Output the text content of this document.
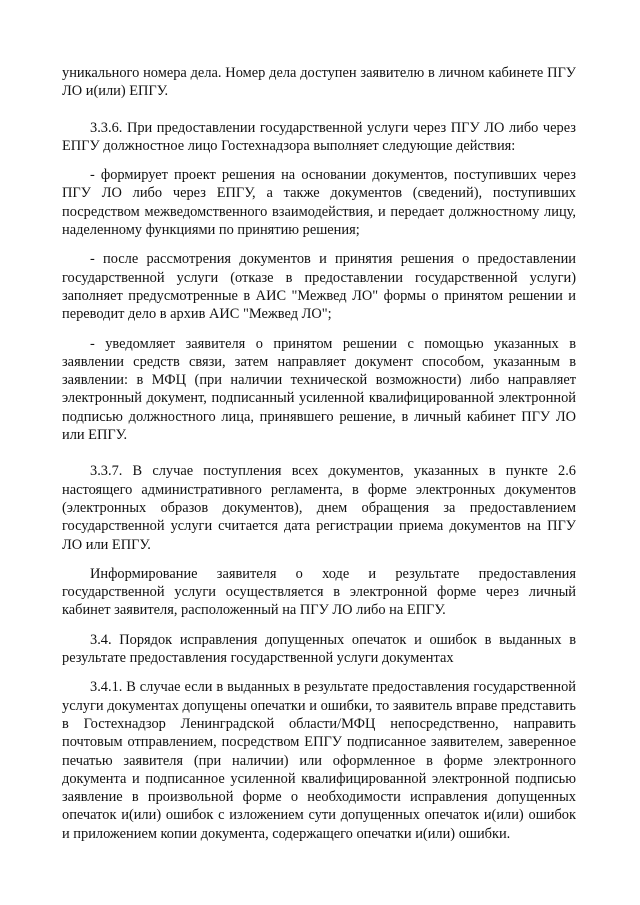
уникального номера дела. Номер дела доступен заявителю в личном кабинете ПГУ ЛО и(или) ЕПГУ.

3.3.6. При предоставлении государственной услуги через ПГУ ЛО либо через ЕПГУ должностное лицо Гостехнадзора выполняет следующие действия:

- формирует проект решения на основании документов, поступивших через ПГУ ЛО либо через ЕПГУ, а также документов (сведений), поступивших посредством межведомственного взаимодействия, и передает должностному лицу, наделенному функциями по принятию решения;

- после рассмотрения документов и принятия решения о предоставлении государственной услуги (отказе в предоставлении государственной услуги) заполняет предусмотренные в АИС "Межвед ЛО" формы о принятом решении и переводит дело в архив АИС "Межвед ЛО";

- уведомляет заявителя о принятом решении с помощью указанных в заявлении средств связи, затем направляет документ способом, указанным в заявлении: в МФЦ (при наличии технической возможности) либо направляет электронный документ, подписанный усиленной квалифицированной электронной подписью должностного лица, принявшего решение, в личный кабинет ПГУ ЛО или ЕПГУ.

3.3.7. В случае поступления всех документов, указанных в пункте 2.6 настоящего административного регламента, в форме электронных документов (электронных образов документов), днем обращения за предоставлением государственной услуги считается дата регистрации приема документов на ПГУ ЛО или ЕПГУ.

Информирование заявителя о ходе и результате предоставления государственной услуги осуществляется в электронной форме через личный кабинет заявителя, расположенный на ПГУ ЛО либо на ЕПГУ.

3.4. Порядок исправления допущенных опечаток и ошибок в выданных в результате предоставления государственной услуги документах

3.4.1. В случае если в выданных в результате предоставления государственной услуги документах допущены опечатки и ошибки, то заявитель вправе представить в Гостехнадзор Ленинградской области/МФЦ непосредственно, направить почтовым отправлением, посредством ЕПГУ подписанное заявителем, заверенное печатью заявителя (при наличии) или оформленное в форме электронного документа и подписанное усиленной квалифицированной электронной подписью заявление в произвольной форме о необходимости исправления допущенных опечаток и(или) ошибок с изложением сути допущенных опечаток и(или) ошибок и приложением копии документа, содержащего опечатки и(или) ошибки.
